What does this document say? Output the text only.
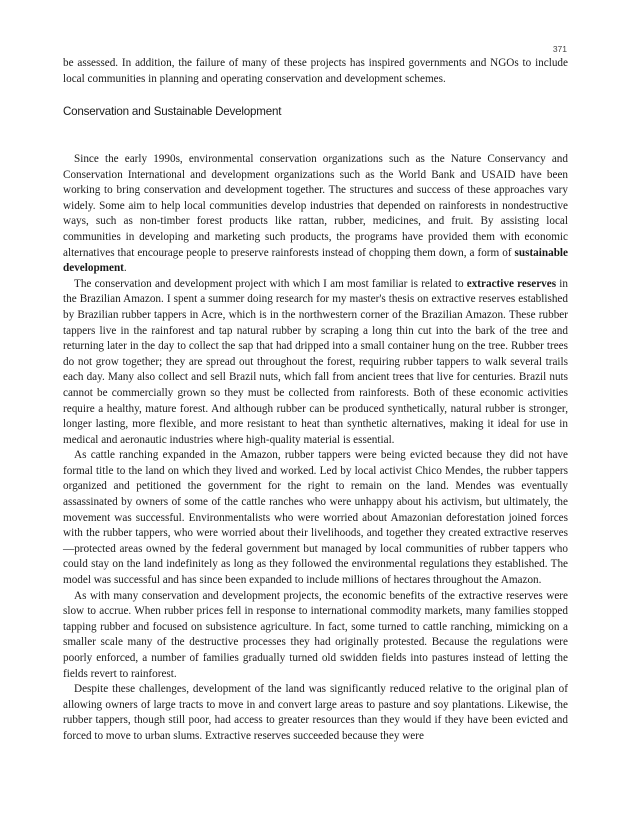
371

be assessed. In addition, the failure of many of these projects has inspired governments and NGOs to include local communities in planning and operating conservation and development schemes.

Conservation and Sustainable Development

Since the early 1990s, environmental conservation organizations such as the Nature Conservancy and Conservation International and development organizations such as the World Bank and USAID have been working to bring conservation and development together. The structures and success of these approaches vary widely. Some aim to help local communities develop industries that depended on rainforests in nondestructive ways, such as non-timber forest products like rattan, rubber, medicines, and fruit. By assisting local communities in developing and marketing such products, the programs have provided them with economic alternatives that encourage people to preserve rainforests instead of chopping them down, a form of sustainable development.

The conservation and development project with which I am most familiar is related to extractive reserves in the Brazilian Amazon. I spent a summer doing research for my master's thesis on extractive reserves established by Brazilian rubber tappers in Acre, which is in the northwestern corner of the Brazilian Amazon. These rubber tappers live in the rainforest and tap natural rubber by scraping a long thin cut into the bark of the tree and returning later in the day to collect the sap that had dripped into a small container hung on the tree. Rubber trees do not grow together; they are spread out throughout the forest, requiring rubber tappers to walk several trails each day. Many also collect and sell Brazil nuts, which fall from ancient trees that live for centuries. Brazil nuts cannot be commercially grown so they must be collected from rainforests. Both of these economic activities require a healthy, mature forest. And although rubber can be produced synthetically, natural rubber is stronger, longer lasting, more flexible, and more resistant to heat than synthetic alternatives, making it ideal for use in medical and aeronautic industries where high-quality material is essential.

As cattle ranching expanded in the Amazon, rubber tappers were being evicted because they did not have formal title to the land on which they lived and worked. Led by local activist Chico Mendes, the rubber tappers organized and petitioned the government for the right to remain on the land. Mendes was eventually assassinated by owners of some of the cattle ranches who were unhappy about his activism, but ultimately, the movement was successful. Environmentalists who were worried about Amazonian deforestation joined forces with the rubber tappers, who were worried about their livelihoods, and together they created extractive reserves—protected areas owned by the federal government but managed by local communities of rubber tappers who could stay on the land indefinitely as long as they followed the environmental regulations they established. The model was successful and has since been expanded to include millions of hectares throughout the Amazon.

As with many conservation and development projects, the economic benefits of the extractive reserves were slow to accrue. When rubber prices fell in response to international commodity markets, many families stopped tapping rubber and focused on subsistence agriculture. In fact, some turned to cattle ranching, mimicking on a smaller scale many of the destructive processes they had originally protested. Because the regulations were poorly enforced, a number of families gradually turned old swidden fields into pastures instead of letting the fields revert to rainforest.

Despite these challenges, development of the land was significantly reduced relative to the original plan of allowing owners of large tracts to move in and convert large areas to pasture and soy plantations. Likewise, the rubber tappers, though still poor, had access to greater resources than they would if they have been evicted and forced to move to urban slums. Extractive reserves succeeded because they were
